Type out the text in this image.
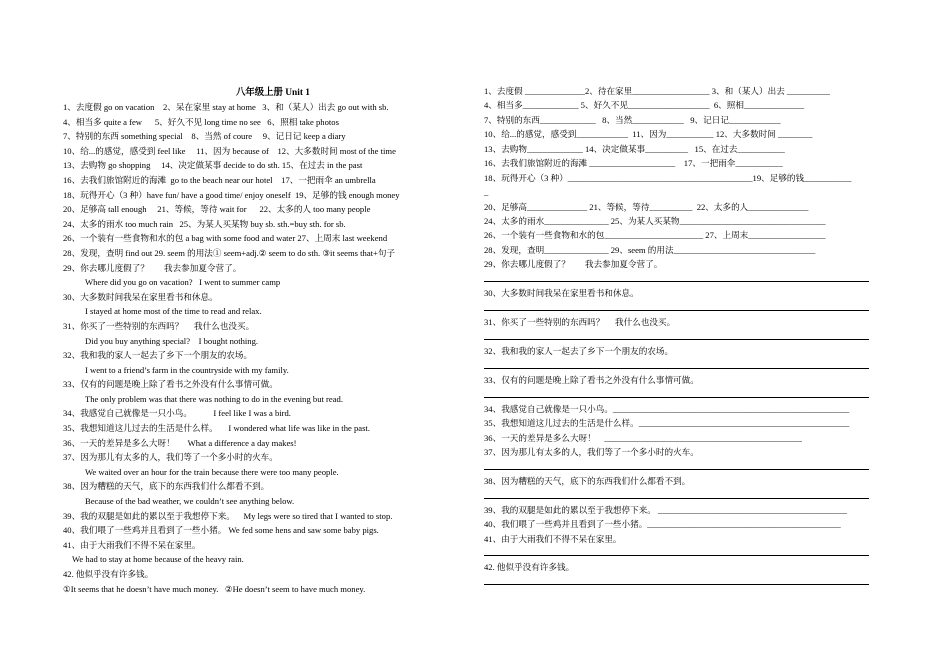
八年级上册 Unit 1
1、去度假 go on vacation    2、呆在家里 stay at home   3、和（某人）出去 go out with sb.
4、相当多 quite a few      5、好久不见 long time no see   6、照相 take photos
7、特别的东西 something special    8、当然 of coure     9、记日记 keep a diary
10、给...的感觉，感受到 feel like     11、因为 because of    12、大多数时间 most of the time
13、去购物 go shopping     14、决定做某事 decide to do sth. 15、在过去 in the past
16、去我们旅馆附近的海滩  go to the beach near our hotel    17、一把雨伞 an umbrella
18、玩得开心（3 种）have fun/ have a good time/ enjoy oneself  19、足够的钱 enough money
20、足够高 tall enough     21、等候，等待 wait for      22、太多的人 too many people
24、太多的雨水 too much rain   25、为某人买某物 buy sb. sth.=buy sth. for sb.
26、一个装有一些食物和水的包 a bag with some food and water 27、上周末 last weekend
28、发现，查明 find out 29. seem 的用法① seem+adj.② seem to do sth. ③it seems that+句子
29、你去哪儿度假了？       我去参加夏令营了。
Where did you go on vacation?   I went to summer camp
30、大多数时间我呆在家里看书和休息。
I stayed at home most of the time to read and relax.
31、你买了一些特别的东西吗？     我什么也没买。
Did you buy anything special?    I bought nothing.
32、我和我的家人一起去了乡下一个朋友的农场。
I went to a friend’s farm in the countryside with my family.
33、仅有的问题是晚上除了看书之外没有什么事情可做。
The only problem was that there was nothing to do in the evening but read.
34、我感觉自己就像是一只小鸟。          I feel like I was a bird.
35、我想知道这儿过去的生活是什么样。     I wondered what life was like in the past.
36、一天的差异是多么大呀！      What a difference a day makes!
37、因为那儿有太多的人，我们等了一个多小时的火车。
We waited over an hour for the train because there were too many people.
38、因为糟糕的天气，底下的东西我们什么都看不到。
Because of the bad weather, we couldn’t see anything below.
39、我的双腿是如此的累以至于我想停下来。    My legs were so tired that I wanted to stop.
40、我们喂了一些鸡并且看到了一些小猪。 We fed some hens and saw some baby pigs.
41、由于大雨我们不得不呆在家里。
We had to stay at home because of the heavy rain.
42. 他似乎没有许多钱。
①It seems that he doesn’t have much money.   ②He doesn’t seem to have much money.
1、去度假 ______________2、待在家里__________________ 3、和（某人）出去 __________
4、相当多_____________ 5、好久不见___________________  6、照相______________
7、特别的东西_____________   8、当然____________   9、记日记____________
10、给...的感觉，感受到____________  11、因为___________ 12、大多数时间 ________
13、去购物_____________ 14、决定做某事__________   15、在过去___________
16、去我们旅馆附近的海滩 ____________________    17、一把雨伞___________
18、玩得开心（3 种）___________________________________________19、足够的钱___________
_
20、足够高______________ 21、等候，等待__________  22、太多的人______________
24、太多的雨水_______________ 25、为某人买某物__________________________________
26、一个装有一些食物和水的包_______________________ 27、上周末__________________
28、发现，查明_______________ 29、seem 的用法_________________________________
29、你去哪儿度假了？       我去参加夏令营了。
30、大多数时间我呆在家里看书和休息。
31、你买了一些特别的东西吗？     我什么也没买。
32、我和我的家人一起去了乡下一个朋友的农场。
33、仅有的问题是晚上除了看书之外没有什么事情可做。
34、我感觉自己就像是一只小鸟。_______________________________________________________
35、我想知道这儿过去的生活是什么样。_________________________________________________
36、一天的差异是多么大呀！    ______________________________________________
37、因为那儿有太多的人，我们等了一个多小时的火车。
38、因为糟糕的天气，底下的东西我们什么都看不到。
39、我的双腿是如此的累以至于我想停下来。 ____________________________________________
40、我们喂了一些鸡并且看到了一些小猪。_____________________________________________
41、由于大雨我们不得不呆在家里。
42. 他似乎没有许多钱。
